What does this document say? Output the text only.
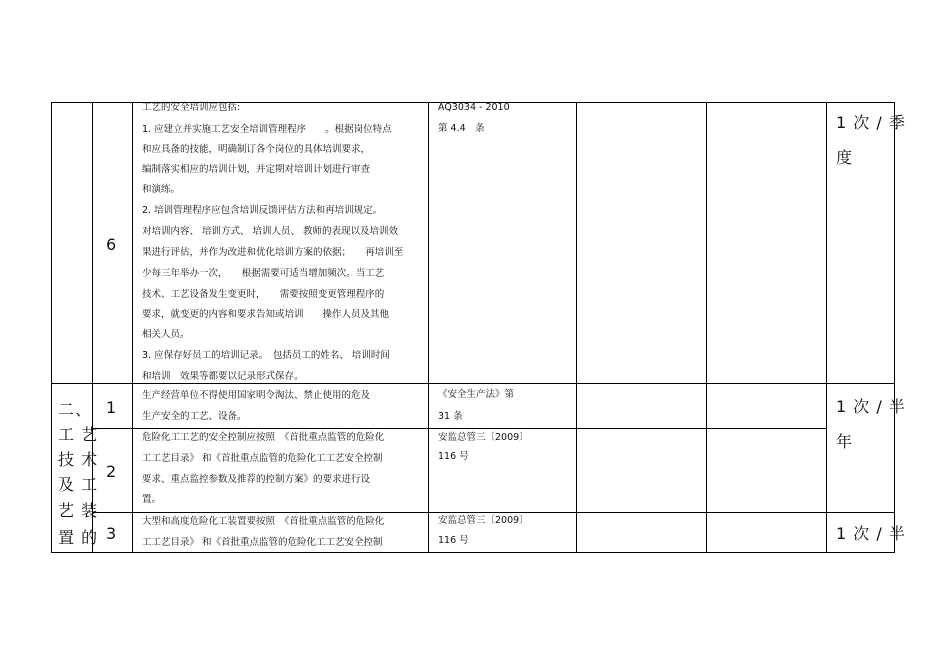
6
工艺的安全培训应包括:
1. 应建立并实施工艺安全培训管理程序　　。根据岗位特点
和应具备的技能，明确制订各个岗位的具体培训要求，
编制落实相应的培训计划，并定期对培训计划进行审查
和演练。
2. 培训管理程序应包含培训反馈评估方法和再培训规定。
对培训内容、 培训方式、 培训人员、 教师的表现以及培训效
果进行评估，并作为改进和优化培训方案的依据；　　再培训至
少每三年举办一次，　　根据需要可适当增加频次。当工艺
技术、工艺设备发生变更时，　　需要按照变更管理程序的
要求，就变更的内容和要求告知或培训　　操作人员及其他
相关人员。
3. 应保存好员工的培训记录。　包括员工的姓名、 培训时间
和培训　效果等都要以记录形式保存。
AQ3034 - 2010
第 4.4　条	1 次 / 季
度
二、
工 艺
技 术
及 工
艺 装
置 的
1
生产经营单位不得使用国家明令淘汰、禁止使用的危及
生产安全的工艺、设备。
《安全生产法》第
31 条
1 次 / 半
年
2
危险化工工艺的安全控制应按照　《首批重点监管的危险化
工工艺目录》 和《首批重点监管的危险化工工艺安全控制
要求、重点监控参数及推荐的控制方案》的要求进行设
置。
安监总管三〔2009〕
116 号
3
大型和高度危险化工装置要按照　《首批重点监管的危险化
工工艺目录》 和《首批重点监管的危险化工工艺安全控制
安监总管三〔2009〕
116 号	1 次 / 半
